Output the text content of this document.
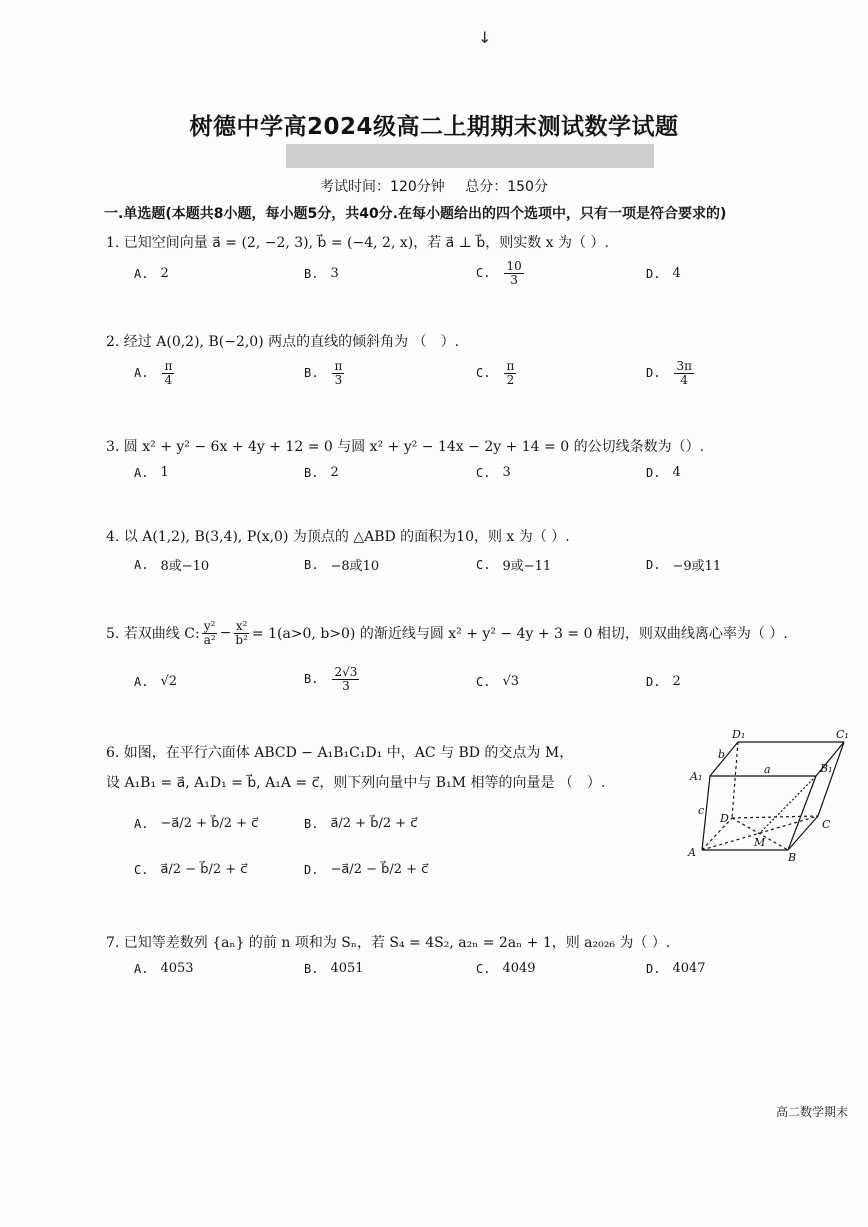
↓
树德中学高2024级高二上期期末测试数学试题
考试时间：120分钟 总分：150分
一.单选题(本题共8小题，每小题5分，共40分.在每小题给出的四个选项中，只有一项是符合要求的)
1. 已知空间向量 a⃗ = (2, −2, 3), b⃗ = (−4, 2, x)，若 a⃗ ⊥ b⃗，则实数 x 为（ ）.
A. 2	B. 3	C. $\frac{10}{3}$	D. 4
2. 经过 A(0,2), B(−2,0) 两点的直线的倾斜角为 （　）.
A. $\frac{\pi}{4}$	B. $\frac{\pi}{3}$	C. $\frac{\pi}{2}$	D. $\frac{3\pi}{4}$
3. 圆 x² + y² − 6x + 4y + 12 = 0 与圆 x² + y² − 14x − 2y + 14 = 0 的公切线条数为（）.
A. 1	B. 2	C. 3	D. 4
4. 以 A(1,2), B(3,4), P(x,0) 为顶点的 △ABD 的面积为10，则 x 为（ ）.
A. 8或−10	B. −8或10	C. 9或−11	D. −9或11
5. 若双曲线 C: $\frac{\text{y²}}{\text{a²}} - \frac{\text{x²}}{\text{b²}} = 1(a>0$, b>0) 的渐近线与圆 x² + y² − 4y + 3 = 0 相切，则双曲线离心率为（ ）.
A. √2	B. $\frac{2√3}{3}$	C. √3	D. 2
6. 如图，在平行六面体 ABCD − A₁B₁C₁D₁ 中，AC 与 BD 的交点为 M，
设 A₁B₁ = a⃗, A₁D₁ = b⃗, A₁A = c⃗，则下列向量中与 B₁M 相等的向量是 （　）.
A. −a⃗/2 + b⃗/2 + c⃗	B. a⃗/2 + b⃗/2 + c⃗
C. a⃗/2 − b⃗/2 + c⃗	D. −a⃗/2 − b⃗/2 + c⃗
D₁	C₁
A₁
B₁
D	C
A	B
M
a
b
c
7. 已知等差数列 {aₙ} 的前 n 项和为 Sₙ，若 S₄ = 4S₂, a₂ₙ = 2aₙ + 1，则 a₂₀₂₆ 为（ ）.
A. 4053	B. 4051	C. 4049	D. 4047
高二数学期末
